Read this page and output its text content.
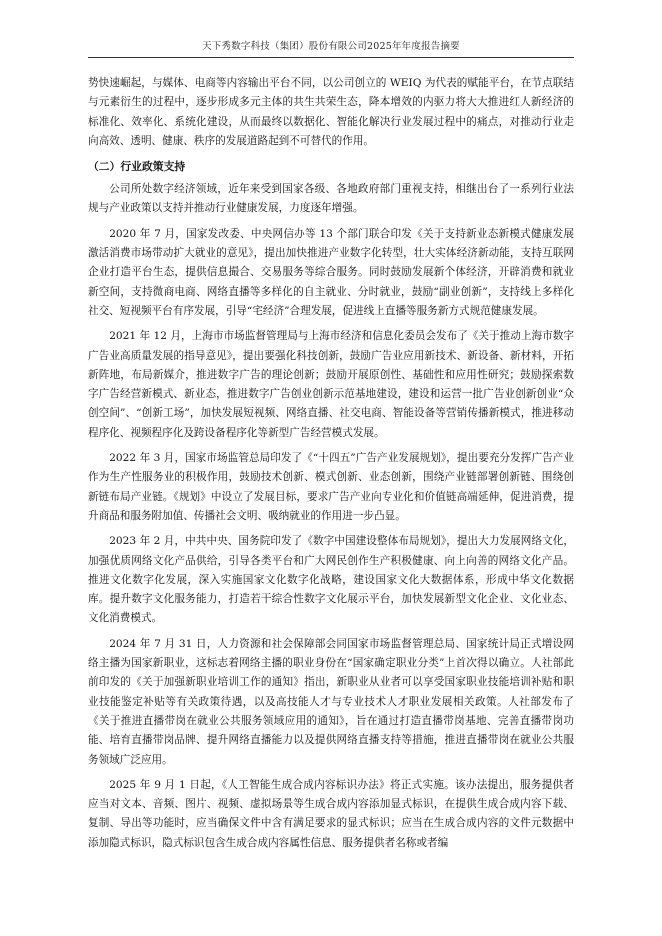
天下秀数字科技（集团）股份有限公司2025年年度报告摘要

势快速崛起，与媒体、电商等内容输出平台不同，以公司创立的 WEIQ 为代表的赋能平台，在节点联结与元素衍生的过程中，逐步形成多元主体的共生共荣生态，降本增效的内驱力将大大推进红人新经济的标准化、效率化、系统化建设，从而最终以数据化、智能化解决行业发展过程中的痛点，对推动行业走向高效、透明、健康、秩序的发展道路起到不可替代的作用。

（二）行业政策支持

公司所处数字经济领域，近年来受到国家各级、各地政府部门重视支持，相继出台了一系列行业法规与产业政策以支持并推动行业健康发展，力度逐年增强。

2020 年 7 月，国家发改委、中央网信办等 13 个部门联合印发《关于支持新业态新模式健康发展激活消费市场带动扩大就业的意见》，提出加快推进产业数字化转型，壮大实体经济新动能，支持互联网企业打造平台生态，提供信息撮合、交易服务等综合服务。同时鼓励发展新个体经济，开辟消费和就业新空间，支持微商电商、网络直播等多样化的自主就业、分时就业，鼓励“副业创新”，支持线上多样化社交、短视频平台有序发展，引导“宅经济”合理发展，促进线上直播等服务新方式规范健康发展。

2021 年 12 月，上海市市场监督管理局与上海市经济和信息化委员会发布了《关于推动上海市数字广告业高质量发展的指导意见》，提出要强化科技创新，鼓励广告业应用新技术、新设备、新材料，开拓新阵地，布局新媒介，推进数字广告的理论创新；鼓励开展原创性、基础性和应用性研究；鼓励探索数字广告经营新模式、新业态，推进数字广告创业创新示范基地建设，建设和运营一批广告业创新创业“众创空间”、“创新工场”，加快发展短视频、网络直播、社交电商、智能设备等营销传播新模式，推进移动程序化、视频程序化及跨设备程序化等新型广告经营模式发展。

2022 年 3 月，国家市场监管总局印发了《“十四五”广告产业发展规划》，提出要充分发挥广告产业作为生产性服务业的积极作用，鼓励技术创新、模式创新、业态创新，围绕产业链部署创新链、围绕创新链布局产业链。《规划》中设立了发展目标，要求广告产业向专业化和价值链高端延伸，促进消费，提升商品和服务附加值、传播社会文明、吸纳就业的作用进一步凸显。

2023 年 2 月，中共中央、国务院印发了《数字中国建设整体布局规划》，提出大力发展网络文化，加强优质网络文化产品供给，引导各类平台和广大网民创作生产积极健康、向上向善的网络文化产品。推进文化数字化发展，深入实施国家文化数字化战略，建设国家文化大数据体系，形成中华文化数据库。提升数字文化服务能力，打造若干综合性数字文化展示平台，加快发展新型文化企业、文化业态、文化消费模式。

2024 年 7 月 31 日，人力资源和社会保障部会同国家市场监督管理总局、国家统计局正式增设网络主播为国家新职业，这标志着网络主播的职业身份在“国家确定职业分类”上首次得以确立。人社部此前印发的《关于加强新职业培训工作的通知》指出，新职业从业者可以享受国家职业技能培训补贴和职业技能鉴定补贴等有关政策待遇，以及高技能人才与专业技术人才职业发展相关政策。人社部发布了《关于推进直播带岗在就业公共服务领域应用的通知》，旨在通过打造直播带岗基地、完善直播带岗功能、培育直播带岗品牌、提升网络直播能力以及提供网络直播支持等措施，推进直播带岗在就业公共服务领域广泛应用。

2025 年 9 月 1 日起，《人工智能生成合成内容标识办法》将正式实施。该办法提出，服务提供者应当对文本、音频、图片、视频、虚拟场景等生成合成内容添加显式标识，在提供生成合成内容下载、复制、导出等功能时，应当确保文件中含有满足要求的显式标识；应当在生成合成内容的文件元数据中添加隐式标识，隐式标识包含生成合成内容属性信息、服务提供者名称或者编
